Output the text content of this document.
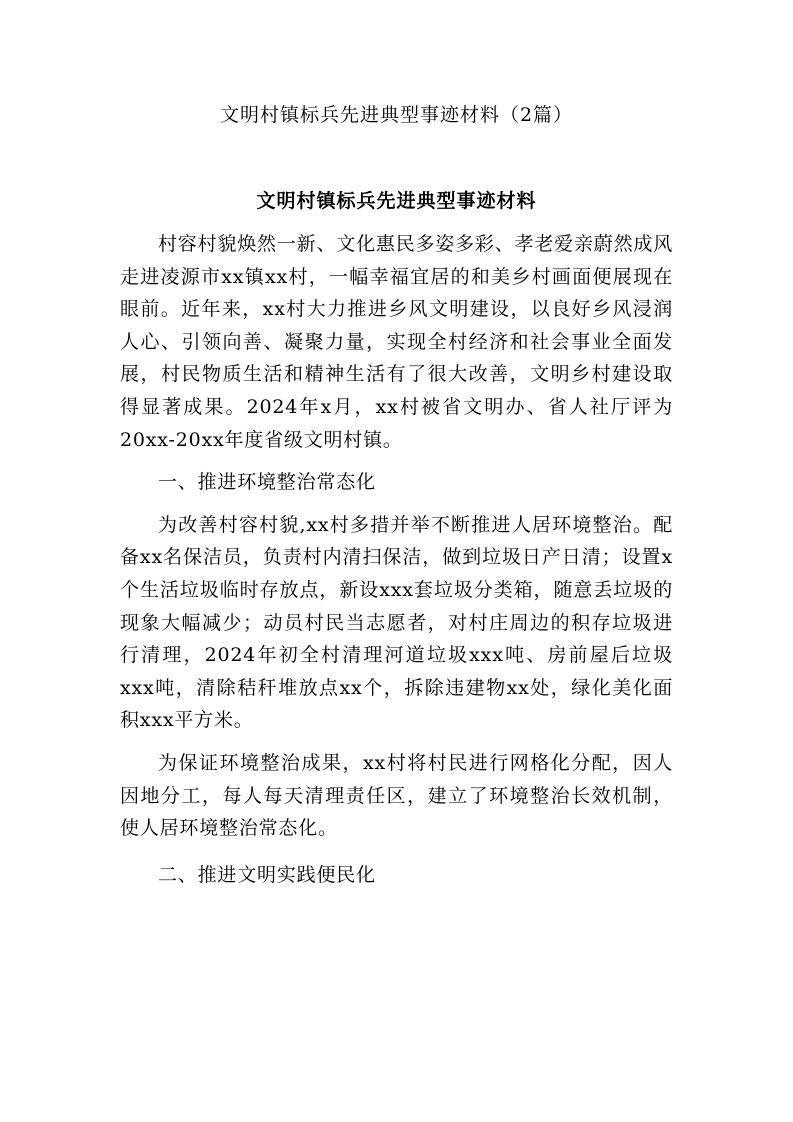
文明村镇标兵先进典型事迹材料（2篇）
文明村镇标兵先进典型事迹材料

村容村貌焕然一新、文化惠民多姿多彩、孝老爱亲蔚然成风走进凌源市xx镇xx村，一幅幸福宜居的和美乡村画面便展现在眼前。近年来，xx村大力推进乡风文明建设，以良好乡风浸润人心、引领向善、凝聚力量，实现全村经济和社会事业全面发展，村民物质生活和精神生活有了很大改善，文明乡村建设取得显著成果。2024年x月，xx村被省文明办、省人社厅评为20xx-20xx年度省级文明村镇。

一、推进环境整治常态化

为改善村容村貌,xx村多措并举不断推进人居环境整治。配备xx名保洁员，负责村内清扫保洁，做到垃圾日产日清；设置x个生活垃圾临时存放点，新设xxx套垃圾分类箱，随意丢垃圾的现象大幅减少；动员村民当志愿者，对村庄周边的积存垃圾进行清理，2024年初全村清理河道垃圾xxx吨、房前屋后垃圾xxx吨，清除秸秆堆放点xx个，拆除违建物xx处，绿化美化面积xxx平方米。

为保证环境整治成果，xx村将村民进行网格化分配，因人因地分工，每人每天清理责任区，建立了环境整治长效机制，使人居环境整治常态化。

二、推进文明实践便民化
